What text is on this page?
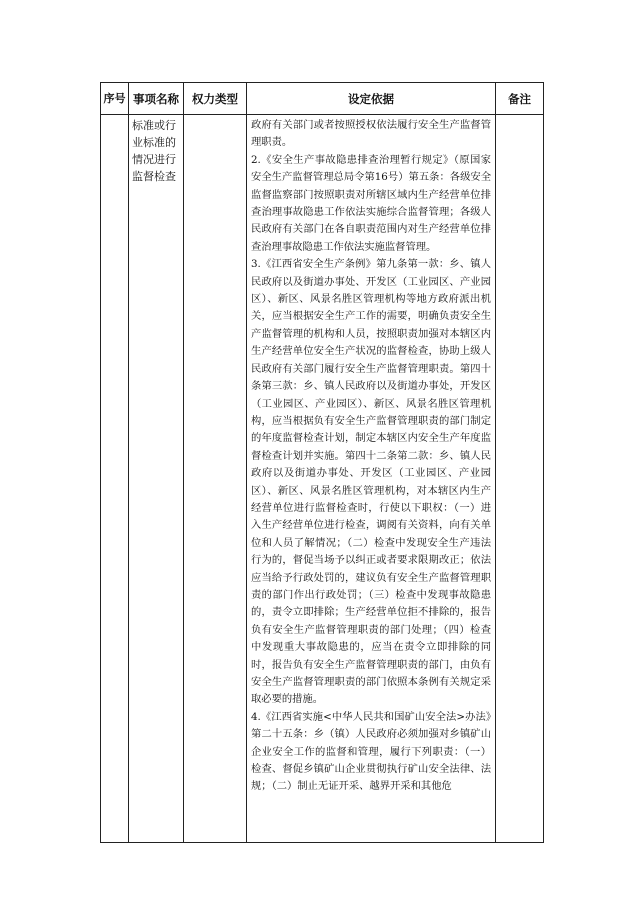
序号	事项名称	权力类型	设定依据	备注

	标准或行业标准的情况进行监督检查		政府有关部门或者按照授权依法履行安全生产监督管理职责。

2.《安全生产事故隐患排查治理暂行规定》（原国家安全生产监督管理总局令第16号）第五条：各级安全监督监察部门按照职责对所辖区域内生产经营单位排查治理事故隐患工作依法实施综合监督管理；各级人民政府有关部门在各自职责范围内对生产经营单位排查治理事故隐患工作依法实施监督管理。

3.《江西省安全生产条例》第九条第一款：乡、镇人民政府以及街道办事处、开发区（工业园区、产业园区）、新区、风景名胜区管理机构等地方政府派出机关，应当根据安全生产工作的需要，明确负责安全生产监督管理的机构和人员，按照职责加强对本辖区内生产经营单位安全生产状况的监督检查，协助上级人民政府有关部门履行安全生产监督管理职责。第四十条第三款：乡、镇人民政府以及街道办事处，开发区（工业园区、产业园区）、新区、风景名胜区管理机构，应当根据负有安全生产监督管理职责的部门制定的年度监督检查计划，制定本辖区内安全生产年度监督检查计划并实施。第四十二条第二款：乡、镇人民政府以及街道办事处、开发区（工业园区、产业园区）、新区、风景名胜区管理机构，对本辖区内生产经营单位进行监督检查时，行使以下职权：（一）进入生产经营单位进行检查，调阅有关资料，向有关单位和人员了解情况；（二）检查中发现安全生产违法行为的，督促当场予以纠正或者要求限期改正；依法应当给予行政处罚的，建议负有安全生产监督管理职责的部门作出行政处罚；（三）检查中发现事故隐患的，责令立即排除；生产经营单位拒不排除的，报告负有安全生产监督管理职责的部门处理；（四）检查中发现重大事故隐患的，应当在责令立即排除的同时，报告负有安全生产监督管理职责的部门，由负有安全生产监督管理职责的部门依照本条例有关规定采取必要的措施。

4.《江西省实施<中华人民共和国矿山安全法>办法》第二十五条：乡（镇）人民政府必须加强对乡镇矿山企业安全工作的监督和管理，履行下列职责：（一）检查、督促乡镇矿山企业贯彻执行矿山安全法律、法规；（二）制止无证开采、越界开采和其他危	
